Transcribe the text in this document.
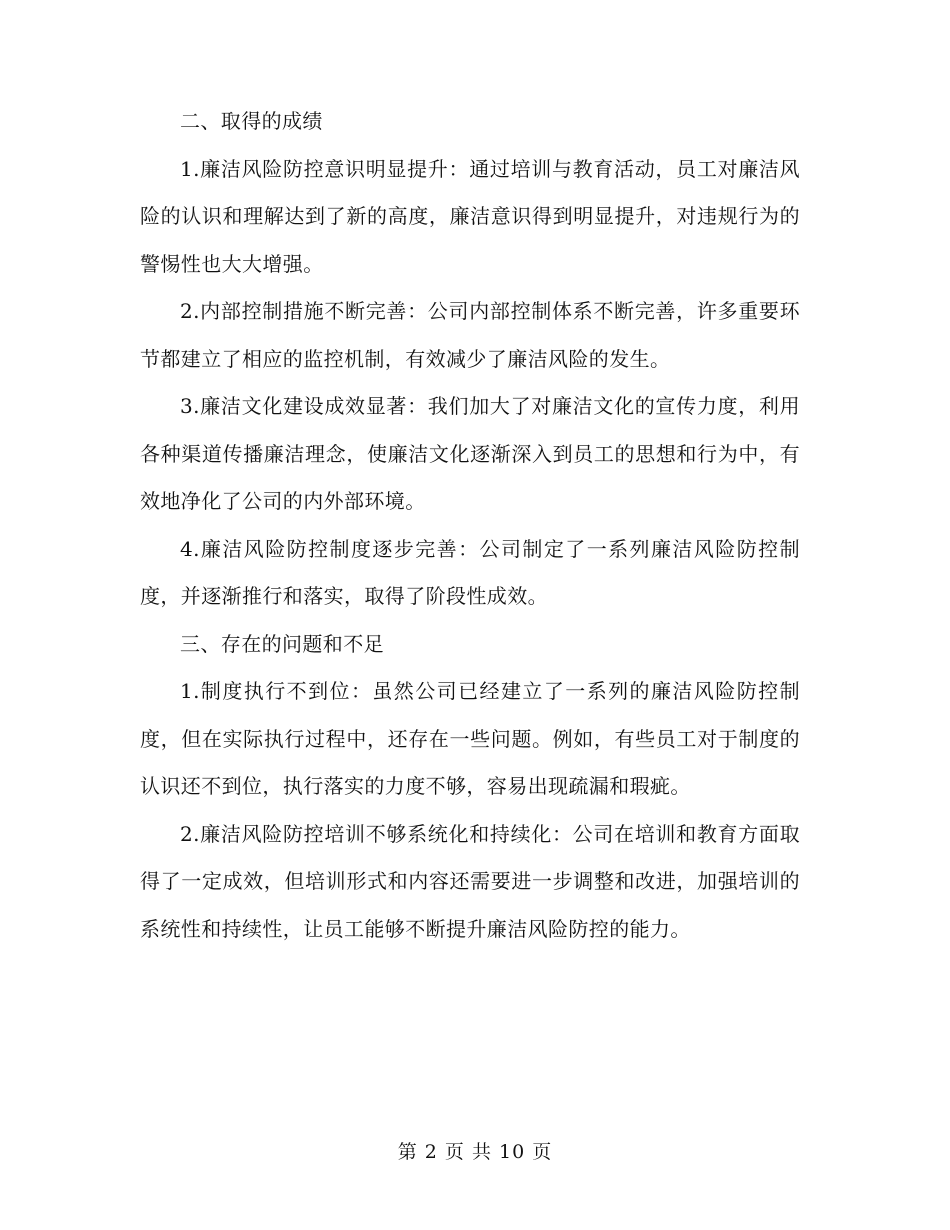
二、取得的成绩

1.廉洁风险防控意识明显提升：通过培训与教育活动，员工对廉洁风险的认识和理解达到了新的高度，廉洁意识得到明显提升，对违规行为的警惕性也大大增强。

2.内部控制措施不断完善：公司内部控制体系不断完善，许多重要环节都建立了相应的监控机制，有效减少了廉洁风险的发生。

3.廉洁文化建设成效显著：我们加大了对廉洁文化的宣传力度，利用各种渠道传播廉洁理念，使廉洁文化逐渐深入到员工的思想和行为中，有效地净化了公司的内外部环境。

4.廉洁风险防控制度逐步完善：公司制定了一系列廉洁风险防控制度，并逐渐推行和落实，取得了阶段性成效。

三、存在的问题和不足

1.制度执行不到位：虽然公司已经建立了一系列的廉洁风险防控制度，但在实际执行过程中，还存在一些问题。例如，有些员工对于制度的认识还不到位，执行落实的力度不够，容易出现疏漏和瑕疵。

2.廉洁风险防控培训不够系统化和持续化：公司在培训和教育方面取得了一定成效，但培训形式和内容还需要进一步调整和改进，加强培训的系统性和持续性，让员工能够不断提升廉洁风险防控的能力。

第 2 页 共 10 页
